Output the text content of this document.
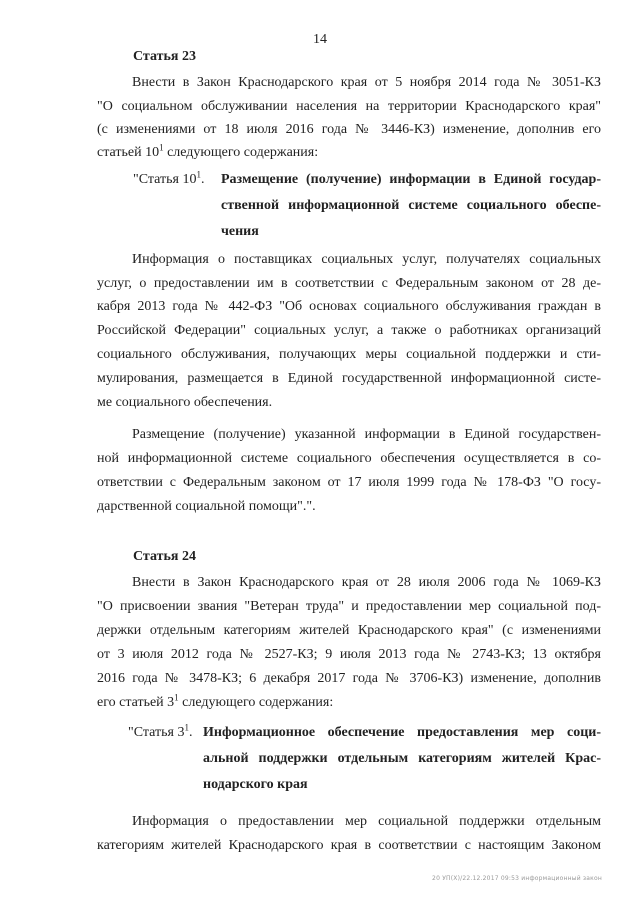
14
Статья 23
Внести в Закон Краснодарского края от 5 ноября 2014 года № 3051-КЗ
"О социальном обслуживании населения на территории Краснодарского края"
(с изменениями от 18 июля 2016 года № 3446-КЗ) изменение, дополнив его
статьей $10^1$ следующего содержания:
"Статья $10^1$. Размещение (получение) информации в Единой государ-
ственной информационной системе социального обеспе-
чения
Информация о поставщиках социальных услуг, получателях социальных
услуг, о предоставлении им в соответствии с Федеральным законом от 28 де-
кабря 2013 года № 442-ФЗ "Об основах социального обслуживания граждан в
Российской Федерации" социальных услуг, а также о работниках организаций
социального обслуживания, получающих меры социальной поддержки и сти-
мулирования, размещается в Единой государственной информационной систе-
ме социального обеспечения.
Размещение (получение) указанной информации в Единой государствен-
ной информационной системе социального обеспечения осуществляется в со-
ответствии с Федеральным законом от 17 июля 1999 года № 178-ФЗ "О госу-
дарственной социальной помощи".".
Статья 24
Внести в Закон Краснодарского края от 28 июля 2006 года № 1069-КЗ
"О присвоении звания "Ветеран труда" и предоставлении мер социальной под-
держки отдельным категориям жителей Краснодарского края" (с изменениями
от 3 июля 2012 года № 2527-КЗ; 9 июля 2013 года № 2743-КЗ; 13 октября
2016 года № 3478-КЗ; 6 декабря 2017 года № 3706-КЗ) изменение, дополнив
его статьей $3^1$ следующего содержания:
"Статья $3^1$. Информационное обеспечение предоставления мер соци-
альной поддержки отдельным категориям жителей Крас-
нодарского края
Информация о предоставлении мер социальной поддержки отдельным
категориям жителей Краснодарского края в соответствии с настоящим Законом
20 УП(Х)/22.12.2017 09:53 информационный закон
